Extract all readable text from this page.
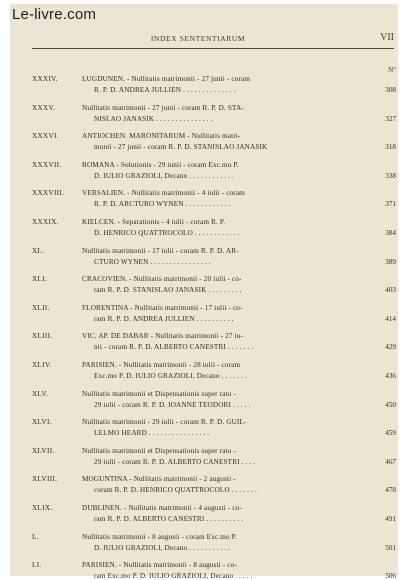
Le-livre.com
INDEX SENTENTIARUM	VII
N°
XXXIV.	LUGDUNEN. - Nullitatis matrimonii - 27 junii - coram
R. P. D. ANDREA JULLIEN . . . . . . . . . . . . . .	308
XXXV.	Nullitatis matrimonii - 27 junii - coram R. P. D. STA-
NISLAO JANASIK . . . . . . . . . . . . . . .	327
XXXVI.	ANTIOCHEN. MARONITARUM - Nullitatis matri-
monii - 27 junii - coram R. P. D. STANISLAO JANASIK	318
XXXVII.	ROMANA - Solutionis - 29 iunii - coram Exc.mo P.
D. IULIO GRAZIOLI, Decano . . . . . . . . . . . .	338
XXXVIII. VERSALIEN. - Nullitatis matrimonii - 4 iulii - coram
R. P. D. ARCTURO WYNEN . . . . . . . . . . . .	371
XXXIX.	KIELCEN. - Separationis - 4 iulii - coram R. P.
D. HENRICO QUATTROCOLO . . . . . . . . . . . .	384
XL.	Nullitatis matrimonii - 17 iulii - coram R. P. D. AR-
CTURO WYNEN . . . . . . . . . . . . . . . .	389
XLI.	CRACOVIEN. - Nullitatis matrimonii - 20 iulii - co-
ram R. P. D. STANISLAO JANASIK . . . . . . . . .	403
XLII.	FLORENTINA - Nullitatis matrimonii - 17 iulii - co-
ram R. P. D. ANDREA JULLIEN . . . . . . . . . .	414
XLIII.	VIC. AP. DE DABAR - Nullitatis matrimonii - 27 iu-
nii - coram R. P. D. ALBERTO CANESTRI . . . . . . .	429
XLIV.	PARISIEN. - Nullitatis matrimonii - 28 iulii - coram
Exc.mo P. D. IULIO GRAZIOLI, Decano . . . . . . .	436
XLV.	Nullitatis matrimonii et Dispensationis super rato -
29 iulii - coram R. P. D. IOANNE TEODORI . . . . .	450
XLVI.	Nullitatis matrimonii - 29 iulii - coram R. P. D. GUIL-
LELMO HEARD . . . . . . . . . . . . . . . .	459
XLVII.	Nullitatis matrimonii et Dispensationis super rato -
29 iulii - coram R. P. D. ALBERTO CANESTRI . . . .	467
XLVIII.	MOGUNTINA - Nullitatis matrimonii - 2 augusti -
coram R. P. D. HENRICO QUATTROCOLO . . . . . . .	478
XLIX.	DUBLINEN. - Nullitatis matrimonii - 4 augusti - co-
ram R. P. D. ALBERTO CANESTRI . . . . . . . . . .	491
L.	Nullitatis matrimonii - 8 augusti - coram Exc.mo P.
D. IULIO GRAZIOLI, Decano . . . . . . . . . . .	501
LI.	PARISIEN. - Nullitatis matrimonii - 8 augusti - co-
ram Exc.mo P. D. IULIO GRAZIOLI, Decano . . . . .	506
